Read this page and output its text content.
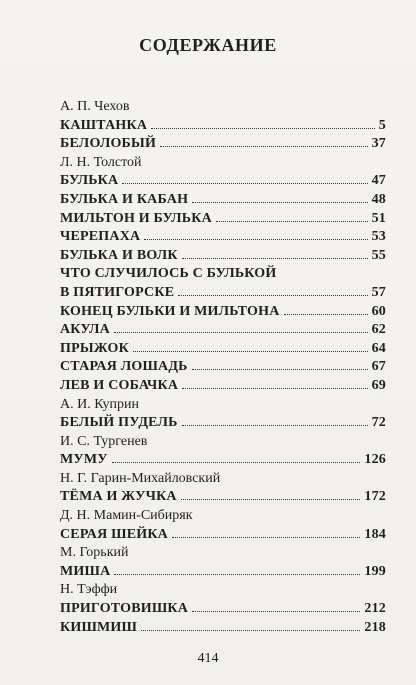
СОДЕРЖАНИЕ
А. П. Чехов
КАШТАНКА	5
БЕЛОЛОБЫЙ	37
Л. Н. Толстой
БУЛЬКА	47
БУЛЬКА И КАБАН	48
МИЛЬТОН И БУЛЬКА	51
ЧЕРЕПАХА	53
БУЛЬКА И ВОЛК	55
ЧТО СЛУЧИЛОСЬ С БУЛЬКОЙ
В ПЯТИГОРСКЕ	57
КОНЕЦ БУЛЬКИ И МИЛЬТОНА	60
АКУЛА	62
ПРЫЖОК	64
СТАРАЯ ЛОШАДЬ	67
ЛЕВ И СОБАЧКА	69
А. И. Куприн
БЕЛЫЙ ПУДЕЛЬ	72
И. С. Тургенев
МУМУ	126
Н. Г. Гарин-Михайловский
ТЁМА И ЖУЧКА	172
Д. Н. Мамин-Сибиряк
СЕРАЯ ШЕЙКА	184
М. Горький
МИША	199
Н. Тэффи
ПРИГОТОВИШКА	212
КИШМИШ	218
414
